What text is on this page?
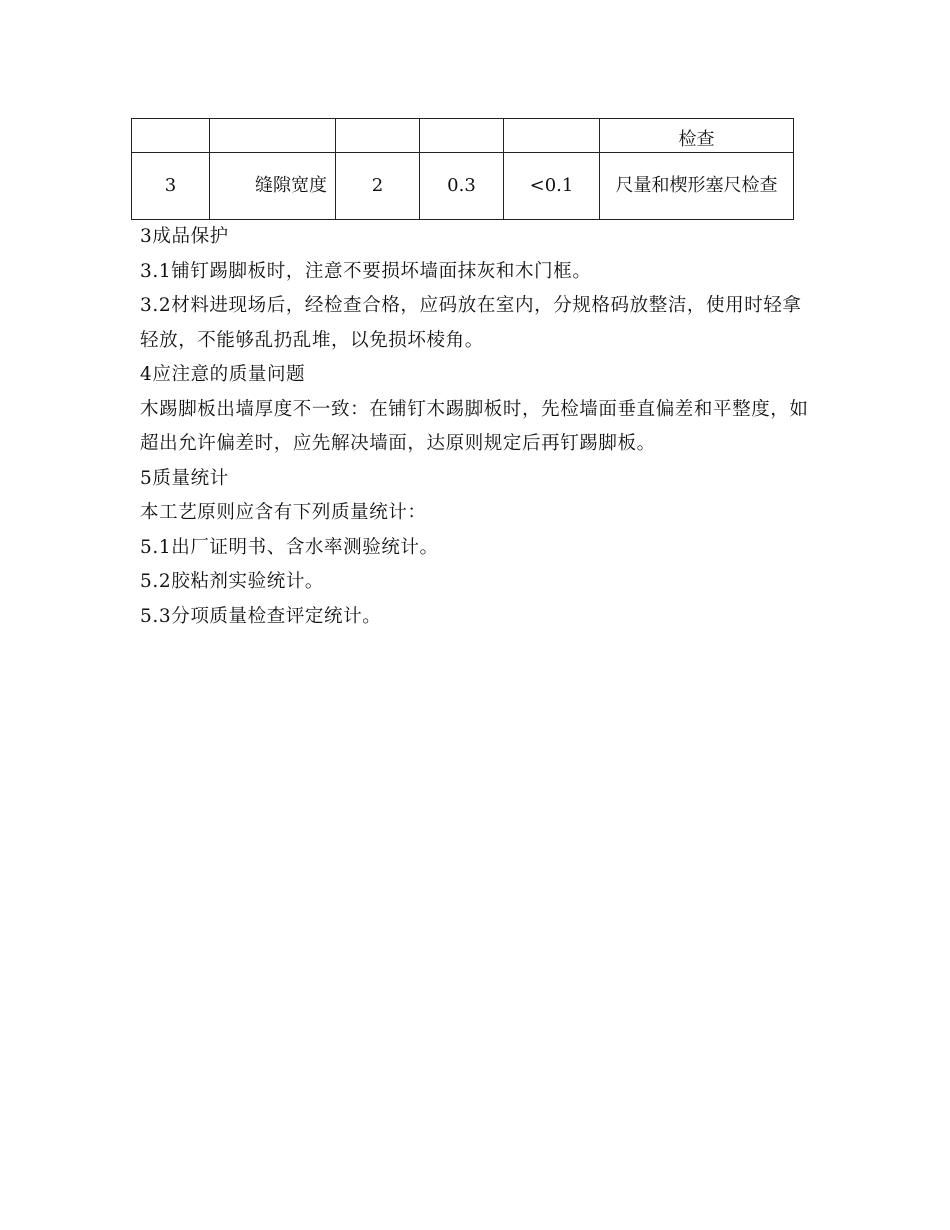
					检查
3	缝隙宽度	2	0.3	<0.1	尺量和楔形塞尺检查

3成品保护

3.1铺钉踢脚板时，注意不要损坏墙面抹灰和木门框。

3.2材料进现场后，经检查合格，应码放在室内，分规格码放整洁，使用时轻拿轻放，不能够乱扔乱堆，以免损坏棱角。

4应注意的质量问题

木踢脚板出墙厚度不一致：在铺钉木踢脚板时，先检墙面垂直偏差和平整度，如超出允许偏差时，应先解决墙面，达原则规定后再钉踢脚板。

5质量统计

本工艺原则应含有下列质量统计：

5.1出厂证明书、含水率测验统计。

5.2胶粘剂实验统计。

5.3分项质量检查评定统计。
